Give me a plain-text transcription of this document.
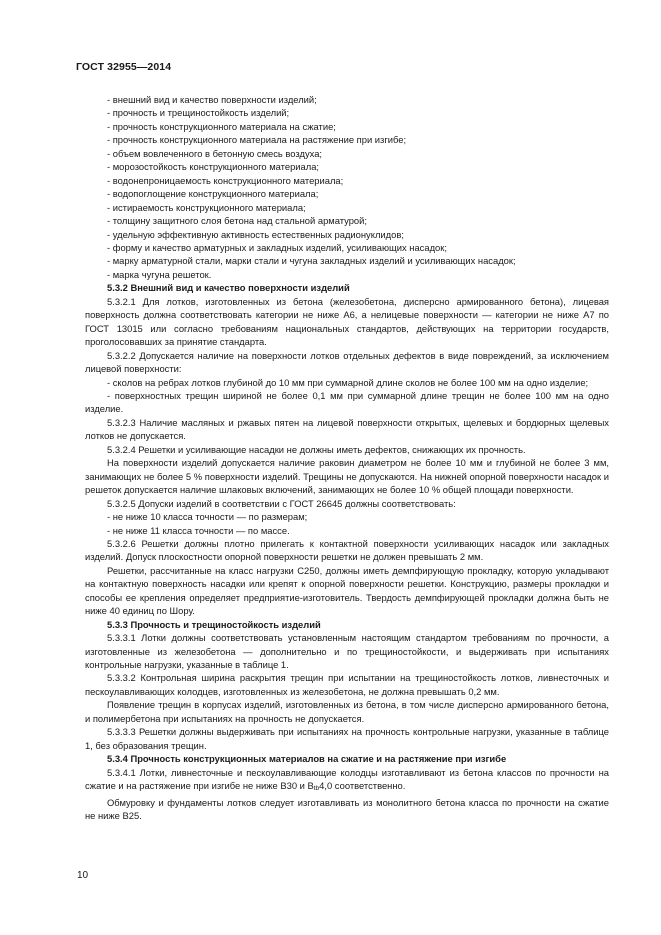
ГОСТ 32955—2014

- внешний вид и качество поверхности изделий;

- прочность и трещиностойкость изделий;

- прочность конструкционного материала на сжатие;

- прочность конструкционного материала на растяжение при изгибе;

- объем вовлеченного в бетонную смесь воздуха;

- морозостойкость конструкционного материала;

- водонепроницаемость конструкционного материала;

- водопоглощение конструкционного материала;

- истираемость конструкционного материала;

- толщину защитного слоя бетона над стальной арматурой;

- удельную эффективную активность естественных радионуклидов;

- форму и качество арматурных и закладных изделий, усиливающих насадок;

- марку арматурной стали, марки стали и чугуна закладных изделий и усиливающих насадок;

- марка чугуна решеток.

5.3.2 Внешний вид и качество поверхности изделий

5.3.2.1 Для лотков, изготовленных из бетона (железобетона, дисперсно армированного бетона), лицевая поверхность должна соответствовать категории не ниже А6, а нелицевые поверхности — категории не ниже А7 по ГОСТ 13015 или согласно требованиям национальных стандартов, действующих на территории государств, проголосовавших за принятие стандарта.

5.3.2.2 Допускается наличие на поверхности лотков отдельных дефектов в виде повреждений, за исключением лицевой поверхности:

- сколов на ребрах лотков глубиной до 10 мм при суммарной длине сколов не более 100 мм на одно изделие;

- поверхностных трещин шириной не более 0,1 мм при суммарной длине трещин не более 100 мм на одно изделие.

5.3.2.3 Наличие масляных и ржавых пятен на лицевой поверхности открытых, щелевых и бордюрных щелевых лотков не допускается.

5.3.2.4 Решетки и усиливающие насадки не должны иметь дефектов, снижающих их прочность.

На поверхности изделий допускается наличие раковин диаметром не более 10 мм и глубиной не более 3 мм, занимающих не более 5 % поверхности изделий. Трещины не допускаются. На нижней опорной поверхности насадок и решеток допускается наличие шлаковых включений, занимающих не более 10 % общей площади поверхности.

5.3.2.5 Допуски изделий в соответствии с ГОСТ 26645 должны соответствовать:

- не ниже 10 класса точности — по размерам;

- не ниже 11 класса точности — по массе.

5.3.2.6 Решетки должны плотно прилегать к контактной поверхности усиливающих насадок или закладных изделий. Допуск плоскостности опорной поверхности решетки не должен превышать 2 мм.

Решетки, рассчитанные на класс нагрузки С250, должны иметь демпфирующую прокладку, которую укладывают на контактную поверхность насадки или крепят к опорной поверхности решетки. Конструкцию, размеры прокладки и способы ее крепления определяет предприятие-изготовитель. Твердость демпфирующей прокладки должна быть не ниже 40 единиц по Шору.

5.3.3 Прочность и трещиностойкость изделий

5.3.3.1 Лотки должны соответствовать установленным настоящим стандартом требованиям по прочности, а изготовленные из железобетона — дополнительно и по трещиностойкости, и выдерживать при испытаниях контрольные нагрузки, указанные в таблице 1.

5.3.3.2 Контрольная ширина раскрытия трещин при испытании на трещиностойкость лотков, ливнесточных и пескоулавливающих колодцев, изготовленных из железобетона, не должна превышать 0,2 мм.

Появление трещин в корпусах изделий, изготовленных из бетона, в том числе дисперсно армированного бетона, и полимербетона при испытаниях на прочность не допускается.

5.3.3.3 Решетки должны выдерживать при испытаниях на прочность контрольные нагрузки, указанные в таблице 1, без образования трещин.

5.3.4 Прочность конструкционных материалов на сжатие и на растяжение при изгибе

5.3.4.1 Лотки, ливнесточные и пескоулавливающие колодцы изготавливают из бетона классов по прочности на сжатие и на растяжение при изгибе не ниже В30 и $В_{tb}4,0$ соответственно.

Обмуровку и фундаменты лотков следует изготавливать из монолитного бетона класса по прочности на сжатие не ниже В25.

10
